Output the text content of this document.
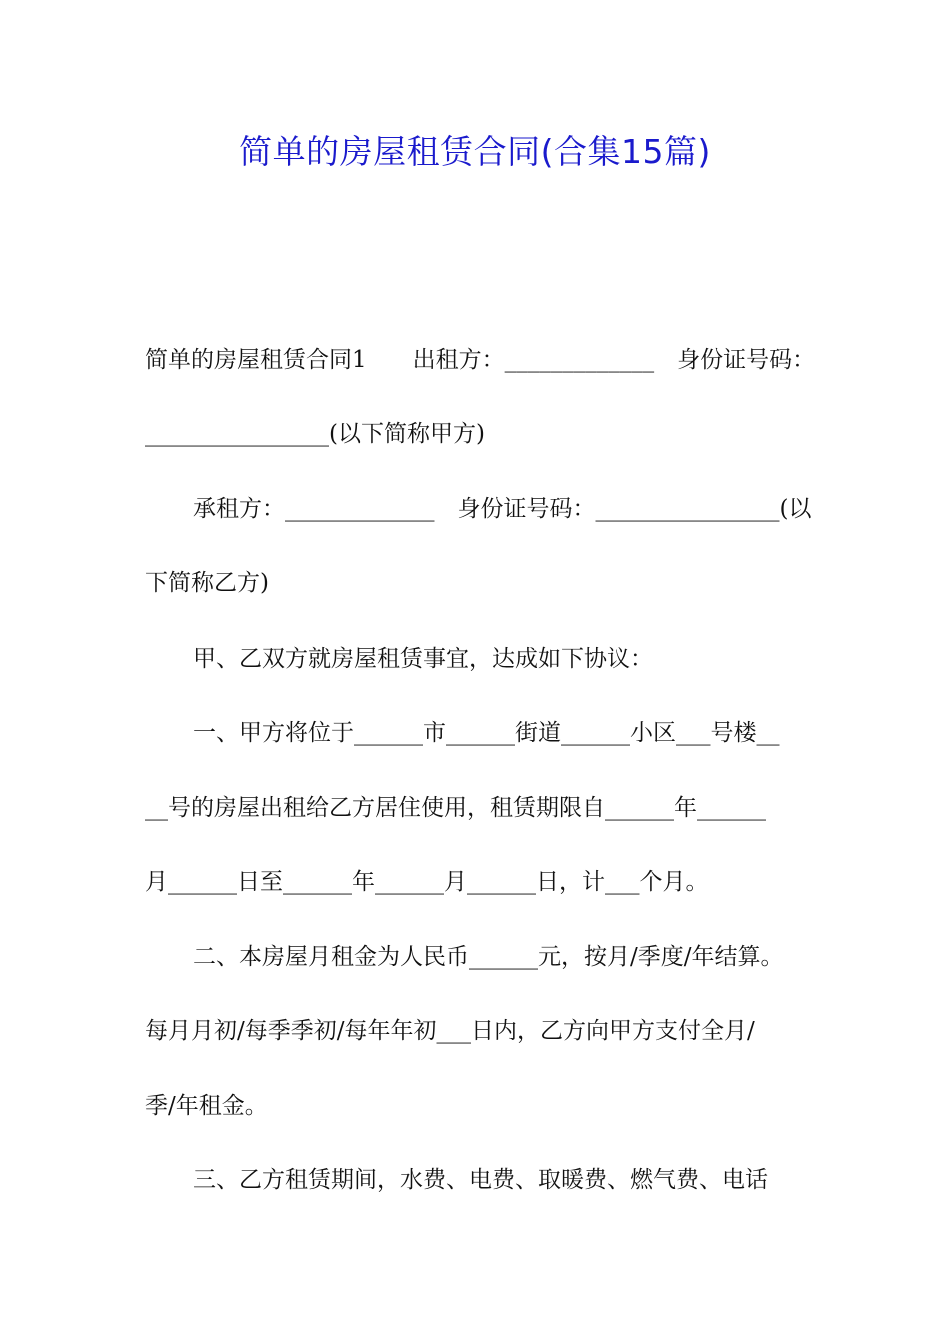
简单的房屋租赁合同(合集15篇)
简单的房屋租赁合同1　　出租方：_____________　身份证号码：
________________(以下简称甲方)
承租方：_____________　身份证号码：________________(以
下简称乙方)
甲、乙双方就房屋租赁事宜，达成如下协议：
一、甲方将位于______市______街道______小区___号楼__
__号的房屋出租给乙方居住使用，租赁期限自______年______
月______日至______年______月______日，计___个月。
二、本房屋月租金为人民币______元，按月/季度/年结算。
每月月初/每季季初/每年年初___日内，乙方向甲方支付全月/
季/年租金。
三、乙方租赁期间，水费、电费、取暖费、燃气费、电话
